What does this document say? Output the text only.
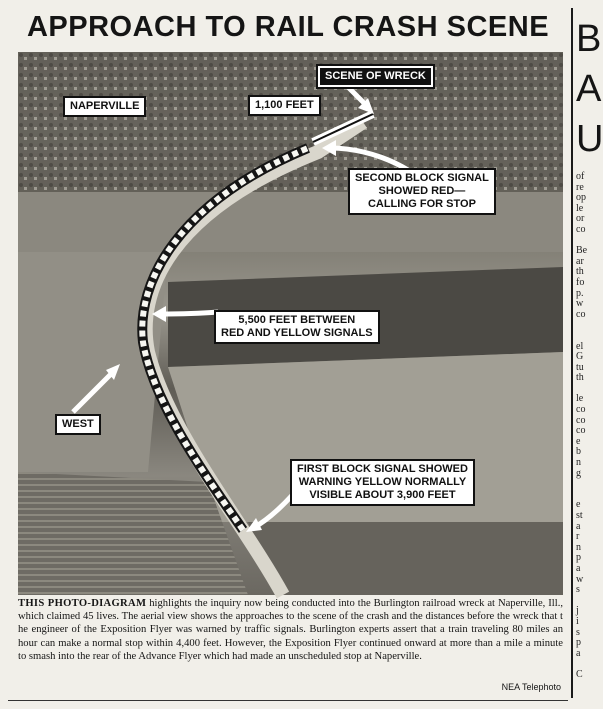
APPROACH TO RAIL CRASH SCENE
NAPERVILLE
SCENE OF WRECK
1,100 FEET
SECOND BLOCK SIGNAL
SHOWED RED—
CALLING FOR STOP
5,500 FEET BETWEEN
RED AND YELLOW SIGNALS
WEST
FIRST BLOCK SIGNAL SHOWED
WARNING YELLOW NORMALLY
VISIBLE ABOUT 3,900 FEET
THIS PHOTO-DIAGRAM highlights the inquiry now being conducted into the Burlington railroad wreck at Naperville, Ill., which claimed 45 lives. The aerial view shows the approaches to the scene of the crash and the distances before the wreck that t he engineer of the Exposition Flyer was warned by traffic signals. Burlington experts assert that a train traveling 80 miles an hour can make a normal stop within 4,400 feet. However, the Exposition Flyer continued onward at more than a mile a minute to smash into the rear of the Advance Flyer which had made an unscheduled stop at Naperville.
NEA Telephoto
B
A
U
of
re
op
le
or
co

Be
ar
th
fo
p.
w
co

el
G
tu
th

le
co
co
co
e
b
n
g

e
st
a
r
n
p
a
w
s

j
i
s
p
a

C
